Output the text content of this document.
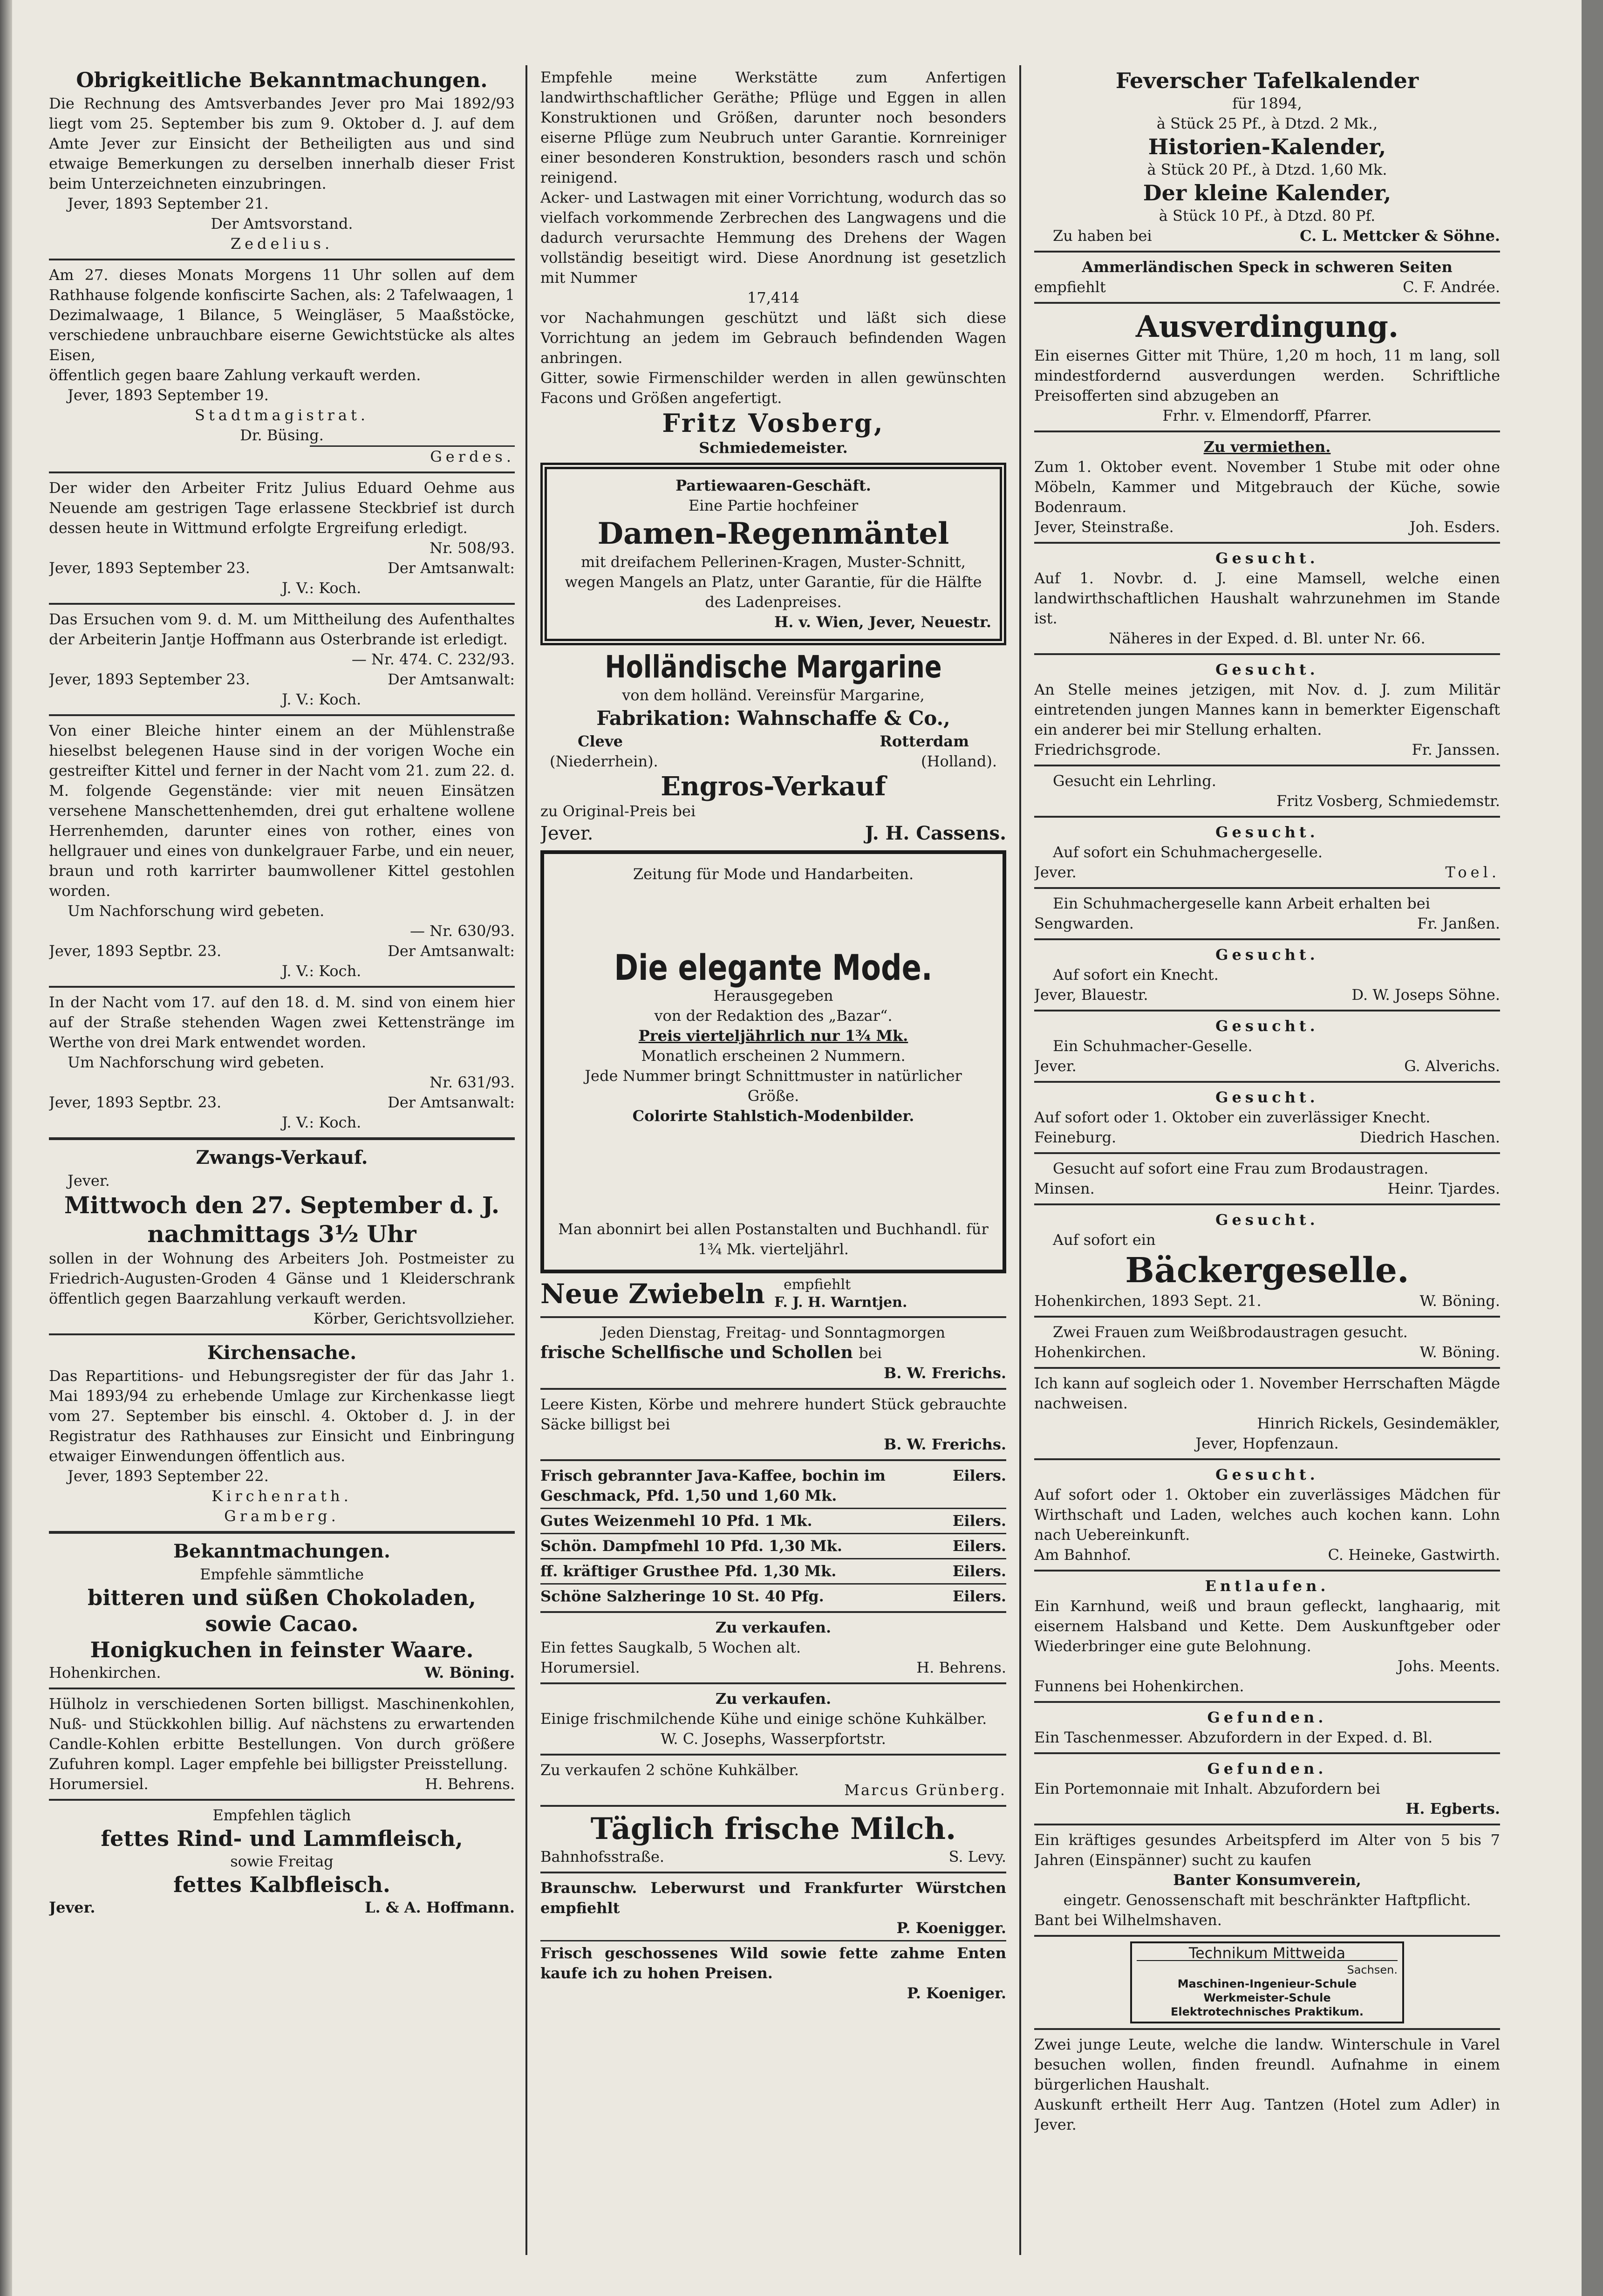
Obrigkeitliche Bekanntmachungen.

Die Rechnung des Amtsverbandes Jever pro Mai 1892/93 liegt vom 25. September bis zum 9. Oktober d. J. auf dem Amte Jever zur Einsicht der Betheiligten aus und sind etwaige Bemerkungen zu derselben innerhalb dieser Frist beim Unterzeichneten einzubringen.

Jever, 1893 September 21.

Der Amtsvorstand.

Zedelius.

Am 27. dieses Monats Morgens 11 Uhr sollen auf dem Rathhause folgende konfiscirte Sachen, als: 2 Tafelwaagen, 1 Dezimalwaage, 1 Bilance, 5 Weingläser, 5 Maaßstöcke, verschiedene unbrauchbare eiserne Gewichtstücke als altes Eisen,

öffentlich gegen baare Zahlung verkauft werden.

Jever, 1893 September 19.

Stadtmagistrat.

Dr. Büsing.

Gerdes.

Der wider den Arbeiter Fritz Julius Eduard Oehme aus Neuende am gestrigen Tage erlassene Steckbrief ist durch dessen heute in Wittmund erfolgte Ergreifung erledigt.

Nr. 508/93.

Jever, 1893 September 23.	Der Amtsanwalt:

J. V.: Koch.

Das Ersuchen vom 9. d. M. um Mittheilung des Aufenthaltes der Arbeiterin Jantje Hoffmann aus Osterbrande ist erledigt.

— Nr. 474. C. 232/93.

Jever, 1893 September 23.	Der Amtsanwalt:

J. V.: Koch.

Von einer Bleiche hinter einem an der Mühlenstraße hieselbst belegenen Hause sind in der vorigen Woche ein gestreifter Kittel und ferner in der Nacht vom 21. zum 22. d. M. folgende Gegenstände: vier mit neuen Einsätzen versehene Manschettenhemden, drei gut erhaltene wollene Herrenhemden, darunter eines von rother, eines von hellgrauer und eines von dunkelgrauer Farbe, und ein neuer, braun und roth karrirter baumwollener Kittel gestohlen worden.

Um Nachforschung wird gebeten.

— Nr. 630/93.

Jever, 1893 Septbr. 23.	Der Amtsanwalt:

J. V.: Koch.

In der Nacht vom 17. auf den 18. d. M. sind von einem hier auf der Straße stehenden Wagen zwei Kettenstränge im Werthe von drei Mark entwendet worden.

Um Nachforschung wird gebeten.

Nr. 631/93.

Jever, 1893 Septbr. 23.	Der Amtsanwalt:

J. V.: Koch.

Zwangs-Verkauf.

Jever.

Mittwoch den 27. September d. J.

nachmittags 3½ Uhr

sollen in der Wohnung des Arbeiters Joh. Postmeister zu Friedrich-Augusten-Groden 4 Gänse und 1 Kleiderschrank öffentlich gegen Baarzahlung verkauft werden.

Körber, Gerichtsvollzieher.

Kirchensache.

Das Repartitions- und Hebungsregister der für das Jahr 1. Mai 1893/94 zu erhebende Umlage zur Kirchenkasse liegt vom 27. September bis einschl. 4. Oktober d. J. in der Registratur des Rathhauses zur Einsicht und Einbringung etwaiger Einwendungen öffentlich aus.

Jever, 1893 September 22.

Kirchenrath.

Gramberg.

Bekanntmachungen.

Empfehle sämmtliche

bitteren und süßen Chokoladen,

sowie Cacao.

Honigkuchen in feinster Waare.

Hohenkirchen.	W. Böning.

Hülholz in verschiedenen Sorten billigst. Maschinenkohlen, Nuß- und Stückkohlen billig. Auf nächstens zu erwartenden Candle-Kohlen erbitte Bestellungen. Von durch größere Zufuhren kompl. Lager empfehle bei billigster Preisstellung.

Horumersiel.	H. Behrens.

Empfehlen täglich

fettes Rind- und Lammfleisch,

sowie Freitag

fettes Kalbfleisch.

Jever.	L. & A. Hoffmann.

Empfehle meine Werkstätte zum Anfertigen landwirthschaftlicher Geräthe; Pflüge und Eggen in allen Konstruktionen und Größen, darunter noch besonders eiserne Pflüge zum Neubruch unter Garantie. Kornreiniger einer besonderen Konstruktion, besonders rasch und schön reinigend.

Acker- und Lastwagen mit einer Vorrichtung, wodurch das so vielfach vorkommende Zerbrechen des Langwagens und die dadurch verursachte Hemmung des Drehens der Wagen vollständig beseitigt wird. Diese Anordnung ist gesetzlich mit Nummer

17,414

vor Nachahmungen geschützt und läßt sich diese Vorrichtung an jedem im Gebrauch befindenden Wagen anbringen.

Gitter, sowie Firmenschilder werden in allen gewünschten Facons und Größen angefertigt.

Fritz Vosberg,

Schmiedemeister.

Partiewaaren-Geschäft.

Eine Partie hochfeiner

Damen-Regenmäntel

mit dreifachem Pellerinen-Kragen, Muster-Schnitt, wegen Mangels an Platz, unter Garantie, für die Hälfte des Ladenpreises.

H. v. Wien, Jever, Neuestr.

Holländische Margarine

von dem holländ. Vereinsfür Margarine,

Fabrikation: Wahnschaffe & Co.,

Cleve	Rotterdam
(Niederrhein).	(Holland).

Engros-Verkauf

zu Original-Preis bei

Jever.	J. H. Cassens.

Zeitung für Mode und Handarbeiten.

Die elegante Mode.

Herausgegeben

von der Redaktion des „Bazar“.

Preis vierteljährlich nur 1¾ Mk.

Monatlich erscheinen 2 Nummern.

Jede Nummer bringt Schnittmuster in natürlicher Größe.

Colorirte Stahlstich-Modenbilder.

Man abonnirt bei allen Postanstalten und Buchhandl. für 1¾ Mk. vierteljährl.

Neue Zwiebeln	empfiehlt
F. J. H. Warntjen.

Jeden Dienstag, Freitag- und Sonntagmorgen

frische Schellfische und Schollen bei

B. W. Frerichs.

Leere Kisten, Körbe und mehrere hundert Stück gebrauchte Säcke billigst bei

B. W. Frerichs.

Frisch gebrannter Java-Kaffee, bochin im Geschmack, Pfd. 1,50 und 1,60 Mk.
Eilers.
Gutes Weizenmehl 10 Pfd. 1 Mk.	Eilers.
Schön. Dampfmehl 10 Pfd. 1,30 Mk.	Eilers.
ff. kräftiger Grusthee Pfd. 1,30 Mk.	Eilers.
Schöne Salzheringe 10 St. 40 Pfg.	Eilers.

Zu verkaufen.

Ein fettes Saugkalb, 5 Wochen alt.

Horumersiel.	H. Behrens.

Zu verkaufen.

Einige frischmilchende Kühe und einige schöne Kuhkälber.

W. C. Josephs, Wasserpfortstr.

Zu verkaufen 2 schöne Kuhkälber.

Marcus Grünberg.

Täglich frische Milch.

Bahnhofsstraße.	S. Levy.

Braunschw. Leberwurst und Frankfurter Würstchen empfiehlt

P. Koenigger.

Frisch geschossenes Wild sowie fette zahme Enten kaufe ich zu hohen Preisen.

P. Koeniger.

Feverscher Tafelkalender

für 1894,

à Stück 25 Pf., à Dtzd. 2 Mk.,

Historien-Kalender,

à Stück 20 Pf., à Dtzd. 1,60 Mk.

Der kleine Kalender,

à Stück 10 Pf., à Dtzd. 80 Pf.

Zu haben bei	C. L. Mettcker & Söhne.

Ammerländischen Speck in schweren Seiten

empfiehlt	C. F. Andrée.

Ausverdingung.

Ein eisernes Gitter mit Thüre, 1,20 m hoch, 11 m lang, soll mindestfordernd ausverdungen werden. Schriftliche Preisofferten sind abzugeben an

Frhr. v. Elmendorff, Pfarrer.

Zu vermiethen.

Zum 1. Oktober event. November 1 Stube mit oder ohne Möbeln, Kammer und Mitgebrauch der Küche, sowie Bodenraum.

Jever, Steinstraße.	Joh. Esders.

Gesucht.

Auf 1. Novbr. d. J. eine Mamsell, welche einen landwirthschaftlichen Haushalt wahrzunehmen im Stande ist.

Näheres in der Exped. d. Bl. unter Nr. 66.

Gesucht.

An Stelle meines jetzigen, mit Nov. d. J. zum Militär eintretenden jungen Mannes kann in bemerkter Eigenschaft ein anderer bei mir Stellung erhalten.

Friedrichsgrode.	Fr. Janssen.

Gesucht ein Lehrling.

Fritz Vosberg, Schmiedemstr.

Gesucht.

Auf sofort ein Schuhmachergeselle.

Jever.	Toel.

Ein Schuhmachergeselle kann Arbeit erhalten bei

Sengwarden.	Fr. Janßen.

Gesucht.

Auf sofort ein Knecht.

Jever, Blauestr.	D. W. Joseps Söhne.

Gesucht.

Ein Schuhmacher-Geselle.

Jever.	G. Alverichs.

Gesucht.

Auf sofort oder 1. Oktober ein zuverlässiger Knecht.

Feineburg.	Diedrich Haschen.

Gesucht auf sofort eine Frau zum Brodaustragen.

Minsen.	Heinr. Tjardes.

Gesucht.

Auf sofort ein

Bäckergeselle.

Hohenkirchen, 1893 Sept. 21.	W. Böning.

Zwei Frauen zum Weißbrodaustragen gesucht.

Hohenkirchen.	W. Böning.

Ich kann auf sogleich oder 1. November Herrschaften Mägde nachweisen.

Hinrich Rickels, Gesindemäkler,

Jever, Hopfenzaun.

Gesucht.

Auf sofort oder 1. Oktober ein zuverlässiges Mädchen für Wirthschaft und Laden, welches auch kochen kann. Lohn nach Uebereinkunft.

Am Bahnhof.	C. Heineke, Gastwirth.

Entlaufen.

Ein Karnhund, weiß und braun gefleckt, langhaarig, mit eisernem Halsband und Kette. Dem Auskunftgeber oder Wiederbringer eine gute Belohnung.

Johs. Meents.

Funnens bei Hohenkirchen.

Gefunden.

Ein Taschenmesser. Abzufordern in der Exped. d. Bl.

Gefunden.

Ein Portemonnaie mit Inhalt. Abzufordern bei

H. Egberts.

Ein kräftiges gesundes Arbeitspferd im Alter von 5 bis 7 Jahren (Einspänner) sucht zu kaufen

Banter Konsumverein,

eingetr. Genossenschaft mit beschränkter Haftpflicht.

Bant bei Wilhelmshaven.

Technikum Mittweida
Sachsen.
Maschinen-Ingenieur-Schule
Werkmeister-Schule
Elektrotechnisches Praktikum.

Zwei junge Leute, welche die landw. Winterschule in Varel besuchen wollen, finden freundl. Aufnahme in einem bürgerlichen Haushalt.

Auskunft ertheilt Herr Aug. Tantzen (Hotel zum Adler) in Jever.
